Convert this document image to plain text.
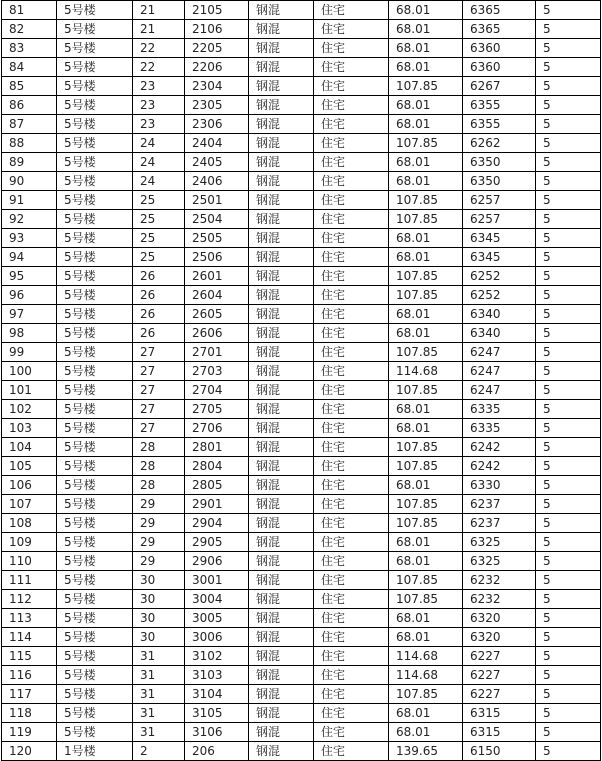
81	5号楼	21	2105	钢混	住宅	68.01	6365	5
82	5号楼	21	2106	钢混	住宅	68.01	6365	5
83	5号楼	22	2205	钢混	住宅	68.01	6360	5
84	5号楼	22	2206	钢混	住宅	68.01	6360	5
85	5号楼	23	2304	钢混	住宅	107.85	6267	5
86	5号楼	23	2305	钢混	住宅	68.01	6355	5
87	5号楼	23	2306	钢混	住宅	68.01	6355	5
88	5号楼	24	2404	钢混	住宅	107.85	6262	5
89	5号楼	24	2405	钢混	住宅	68.01	6350	5
90	5号楼	24	2406	钢混	住宅	68.01	6350	5
91	5号楼	25	2501	钢混	住宅	107.85	6257	5
92	5号楼	25	2504	钢混	住宅	107.85	6257	5
93	5号楼	25	2505	钢混	住宅	68.01	6345	5
94	5号楼	25	2506	钢混	住宅	68.01	6345	5
95	5号楼	26	2601	钢混	住宅	107.85	6252	5
96	5号楼	26	2604	钢混	住宅	107.85	6252	5
97	5号楼	26	2605	钢混	住宅	68.01	6340	5
98	5号楼	26	2606	钢混	住宅	68.01	6340	5
99	5号楼	27	2701	钢混	住宅	107.85	6247	5
100	5号楼	27	2703	钢混	住宅	114.68	6247	5
101	5号楼	27	2704	钢混	住宅	107.85	6247	5
102	5号楼	27	2705	钢混	住宅	68.01	6335	5
103	5号楼	27	2706	钢混	住宅	68.01	6335	5
104	5号楼	28	2801	钢混	住宅	107.85	6242	5
105	5号楼	28	2804	钢混	住宅	107.85	6242	5
106	5号楼	28	2805	钢混	住宅	68.01	6330	5
107	5号楼	29	2901	钢混	住宅	107.85	6237	5
108	5号楼	29	2904	钢混	住宅	107.85	6237	5
109	5号楼	29	2905	钢混	住宅	68.01	6325	5
110	5号楼	29	2906	钢混	住宅	68.01	6325	5
111	5号楼	30	3001	钢混	住宅	107.85	6232	5
112	5号楼	30	3004	钢混	住宅	107.85	6232	5
113	5号楼	30	3005	钢混	住宅	68.01	6320	5
114	5号楼	30	3006	钢混	住宅	68.01	6320	5
115	5号楼	31	3102	钢混	住宅	114.68	6227	5
116	5号楼	31	3103	钢混	住宅	114.68	6227	5
117	5号楼	31	3104	钢混	住宅	107.85	6227	5
118	5号楼	31	3105	钢混	住宅	68.01	6315	5
119	5号楼	31	3106	钢混	住宅	68.01	6315	5
120	1号楼	2	206	钢混	住宅	139.65	6150	5
